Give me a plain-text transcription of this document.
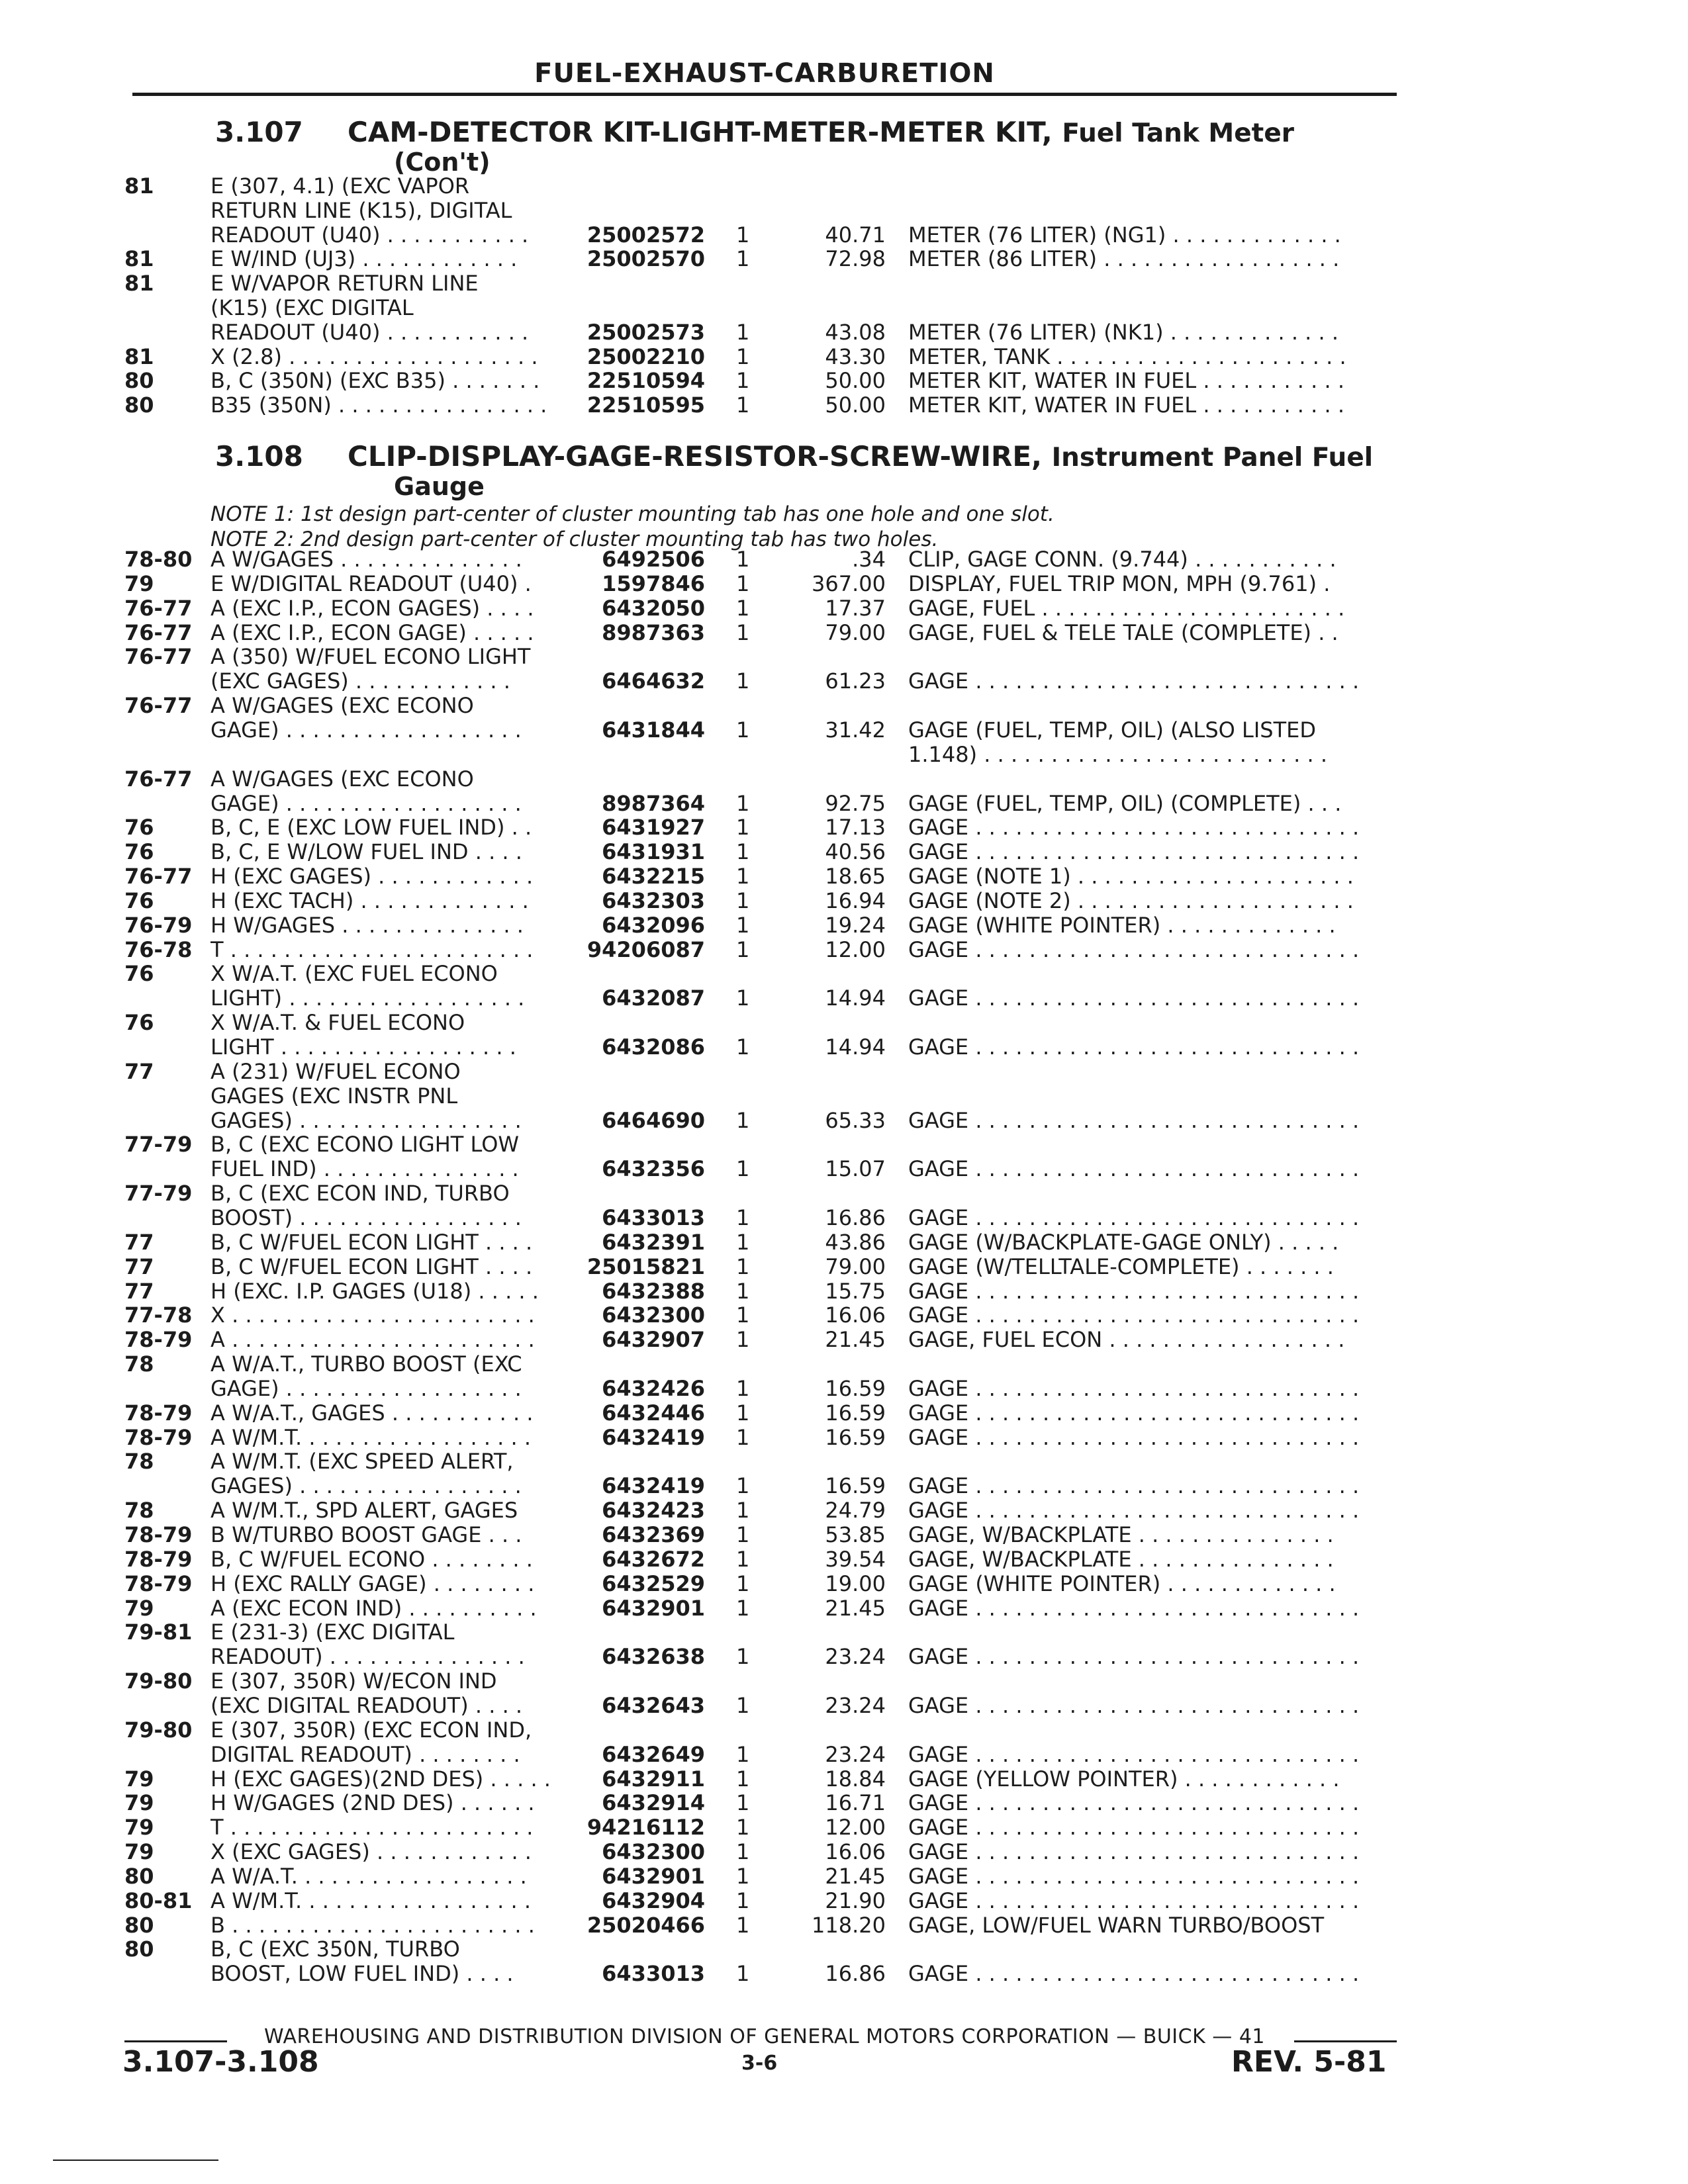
FUEL-EXHAUST-CARBURETION
3.107 CAM-DETECTOR KIT-LIGHT-METER-METER KIT, Fuel Tank Meter
(Con't)
81	E (307, 4.1) (EXC VAPOR
RETURN LINE (K15), DIGITAL
READOUT (U40) . . . . . . . . . . .	25002572 1	40.71 METER (76 LITER) (NG1) . . . . . . . . . . . . .
81	E W/IND (UJ3) . . . . . . . . . . . .	25002570 1	72.98 METER (86 LITER) . . . . . . . . . . . . . . . . . .
81	E W/VAPOR RETURN LINE
(K15) (EXC DIGITAL
READOUT (U40) . . . . . . . . . . .	25002573 1	43.08 METER (76 LITER) (NK1) . . . . . . . . . . . . .
81	X (2.8) . . . . . . . . . . . . . . . . . . .	25002210 1	43.30 METER, TANK . . . . . . . . . . . . . . . . . . . . . .
80	B, C (350N) (EXC B35) . . . . . . .	22510594 1	50.00 METER KIT, WATER IN FUEL . . . . . . . . . . .
80	B35 (350N) . . . . . . . . . . . . . . . .	22510595 1	50.00 METER KIT, WATER IN FUEL . . . . . . . . . . .
3.108 CLIP-DISPLAY-GAGE-RESISTOR-SCREW-WIRE, Instrument Panel Fuel
Gauge
NOTE 1: 1st design part-center of cluster mounting tab has one hole and one slot.
NOTE 2: 2nd design part-center of cluster mounting tab has two holes.
78-80 A W/GAGES . . . . . . . . . . . . . .	6492506 1	.34 CLIP, GAGE CONN. (9.744) . . . . . . . . . . .
79	E W/DIGITAL READOUT (U40) .	1597846 1	367.00 DISPLAY, FUEL TRIP MON, MPH (9.761) .
76-77 A (EXC I.P., ECON GAGES) . . . .	6432050 1	17.37 GAGE, FUEL . . . . . . . . . . . . . . . . . . . . . . .
76-77 A (EXC I.P., ECON GAGE) . . . . .	8987363 1	79.00 GAGE, FUEL & TELE TALE (COMPLETE) . .
76-77 A (350) W/FUEL ECONO LIGHT
(EXC GAGES) . . . . . . . . . . . .	6464632 1	61.23 GAGE . . . . . . . . . . . . . . . . . . . . . . . . . . . . .
76-77 A W/GAGES (EXC ECONO
GAGE) . . . . . . . . . . . . . . . . . .	6431844 1	31.42 GAGE (FUEL, TEMP, OIL) (ALSO LISTED
1.148) . . . . . . . . . . . . . . . . . . . . . . . . . .
76-77 A W/GAGES (EXC ECONO
GAGE) . . . . . . . . . . . . . . . . . .	8987364 1	92.75 GAGE (FUEL, TEMP, OIL) (COMPLETE) . . .
76	B, C, E (EXC LOW FUEL IND) . .	6431927 1	17.13 GAGE . . . . . . . . . . . . . . . . . . . . . . . . . . . . .
76	B, C, E W/LOW FUEL IND . . . .	6431931 1	40.56 GAGE . . . . . . . . . . . . . . . . . . . . . . . . . . . . .
76-77 H (EXC GAGES) . . . . . . . . . . . .	6432215 1	18.65 GAGE (NOTE 1) . . . . . . . . . . . . . . . . . . . . .
76	H (EXC TACH) . . . . . . . . . . . . .	6432303 1	16.94 GAGE (NOTE 2) . . . . . . . . . . . . . . . . . . . . .
76-79 H W/GAGES . . . . . . . . . . . . . .	6432096 1	19.24 GAGE (WHITE POINTER) . . . . . . . . . . . . .
76-78 T . . . . . . . . . . . . . . . . . . . . . . .	94206087 1	12.00 GAGE . . . . . . . . . . . . . . . . . . . . . . . . . . . . .
76	X W/A.T. (EXC FUEL ECONO
LIGHT) . . . . . . . . . . . . . . . . . .	6432087 1	14.94 GAGE . . . . . . . . . . . . . . . . . . . . . . . . . . . . .
76	X W/A.T. & FUEL ECONO
LIGHT . . . . . . . . . . . . . . . . . .	6432086 1	14.94 GAGE . . . . . . . . . . . . . . . . . . . . . . . . . . . . .
77	A (231) W/FUEL ECONO
GAGES (EXC INSTR PNL
GAGES) . . . . . . . . . . . . . . . . .	6464690 1	65.33 GAGE . . . . . . . . . . . . . . . . . . . . . . . . . . . . .
77-79 B, C (EXC ECONO LIGHT LOW
FUEL IND) . . . . . . . . . . . . . . .	6432356 1	15.07 GAGE . . . . . . . . . . . . . . . . . . . . . . . . . . . . .
77-79 B, C (EXC ECON IND, TURBO
BOOST) . . . . . . . . . . . . . . . . .	6433013 1	16.86 GAGE . . . . . . . . . . . . . . . . . . . . . . . . . . . . .
77	B, C W/FUEL ECON LIGHT . . . .	6432391 1	43.86 GAGE (W/BACKPLATE-GAGE ONLY) . . . . .
77	B, C W/FUEL ECON LIGHT . . . .	25015821 1	79.00 GAGE (W/TELLTALE-COMPLETE) . . . . . . .
77	H (EXC. I.P. GAGES (U18) . . . . .	6432388 1	15.75 GAGE . . . . . . . . . . . . . . . . . . . . . . . . . . . . .
77-78 X . . . . . . . . . . . . . . . . . . . . . . .	6432300 1	16.06 GAGE . . . . . . . . . . . . . . . . . . . . . . . . . . . . .
78-79 A . . . . . . . . . . . . . . . . . . . . . . .	6432907 1	21.45 GAGE, FUEL ECON . . . . . . . . . . . . . . . . . .
78	A W/A.T., TURBO BOOST (EXC
GAGE) . . . . . . . . . . . . . . . . . .	6432426 1	16.59 GAGE . . . . . . . . . . . . . . . . . . . . . . . . . . . . .
78-79 A W/A.T., GAGES . . . . . . . . . . .	6432446 1	16.59 GAGE . . . . . . . . . . . . . . . . . . . . . . . . . . . . .
78-79 A W/M.T. . . . . . . . . . . . . . . . . .	6432419 1	16.59 GAGE . . . . . . . . . . . . . . . . . . . . . . . . . . . . .
78	A W/M.T. (EXC SPEED ALERT,
GAGES) . . . . . . . . . . . . . . . . .	6432419 1	16.59 GAGE . . . . . . . . . . . . . . . . . . . . . . . . . . . . .
78	A W/M.T., SPD ALERT, GAGES	6432423 1	24.79 GAGE . . . . . . . . . . . . . . . . . . . . . . . . . . . . .
78-79 B W/TURBO BOOST GAGE . . .	6432369 1	53.85 GAGE, W/BACKPLATE . . . . . . . . . . . . . . .
78-79 B, C W/FUEL ECONO . . . . . . . .	6432672 1	39.54 GAGE, W/BACKPLATE . . . . . . . . . . . . . . .
78-79 H (EXC RALLY GAGE) . . . . . . . .	6432529 1	19.00 GAGE (WHITE POINTER) . . . . . . . . . . . . .
79	A (EXC ECON IND) . . . . . . . . . .	6432901 1	21.45 GAGE . . . . . . . . . . . . . . . . . . . . . . . . . . . . .
79-81 E (231-3) (EXC DIGITAL
READOUT) . . . . . . . . . . . . . . .	6432638 1	23.24 GAGE . . . . . . . . . . . . . . . . . . . . . . . . . . . . .
79-80 E (307, 350R) W/ECON IND
(EXC DIGITAL READOUT) . . . .	6432643 1	23.24 GAGE . . . . . . . . . . . . . . . . . . . . . . . . . . . . .
79-80 E (307, 350R) (EXC ECON IND,
DIGITAL READOUT) . . . . . . . .	6432649 1	23.24 GAGE . . . . . . . . . . . . . . . . . . . . . . . . . . . . .
79	H (EXC GAGES)(2ND DES) . . . . .	6432911 1	18.84 GAGE (YELLOW POINTER) . . . . . . . . . . . .
79	H W/GAGES (2ND DES) . . . . . .	6432914 1	16.71 GAGE . . . . . . . . . . . . . . . . . . . . . . . . . . . . .
79	T . . . . . . . . . . . . . . . . . . . . . . .	94216112 1	12.00 GAGE . . . . . . . . . . . . . . . . . . . . . . . . . . . . .
79	X (EXC GAGES) . . . . . . . . . . . .	6432300 1	16.06 GAGE . . . . . . . . . . . . . . . . . . . . . . . . . . . . .
80	A W/A.T. . . . . . . . . . . . . . . . . .	6432901 1	21.45 GAGE . . . . . . . . . . . . . . . . . . . . . . . . . . . . .
80-81 A W/M.T. . . . . . . . . . . . . . . . . .	6432904 1	21.90 GAGE . . . . . . . . . . . . . . . . . . . . . . . . . . . . .
80	B . . . . . . . . . . . . . . . . . . . . . . .	25020466 1	118.20 GAGE, LOW/FUEL WARN TURBO/BOOST
80	B, C (EXC 350N, TURBO
BOOST, LOW FUEL IND) . . . .	6433013 1	16.86 GAGE . . . . . . . . . . . . . . . . . . . . . . . . . . . . .
WAREHOUSING AND DISTRIBUTION DIVISION OF GENERAL MOTORS CORPORATION — BUICK — 41
3.107-3.108	3-6	REV. 5-81
